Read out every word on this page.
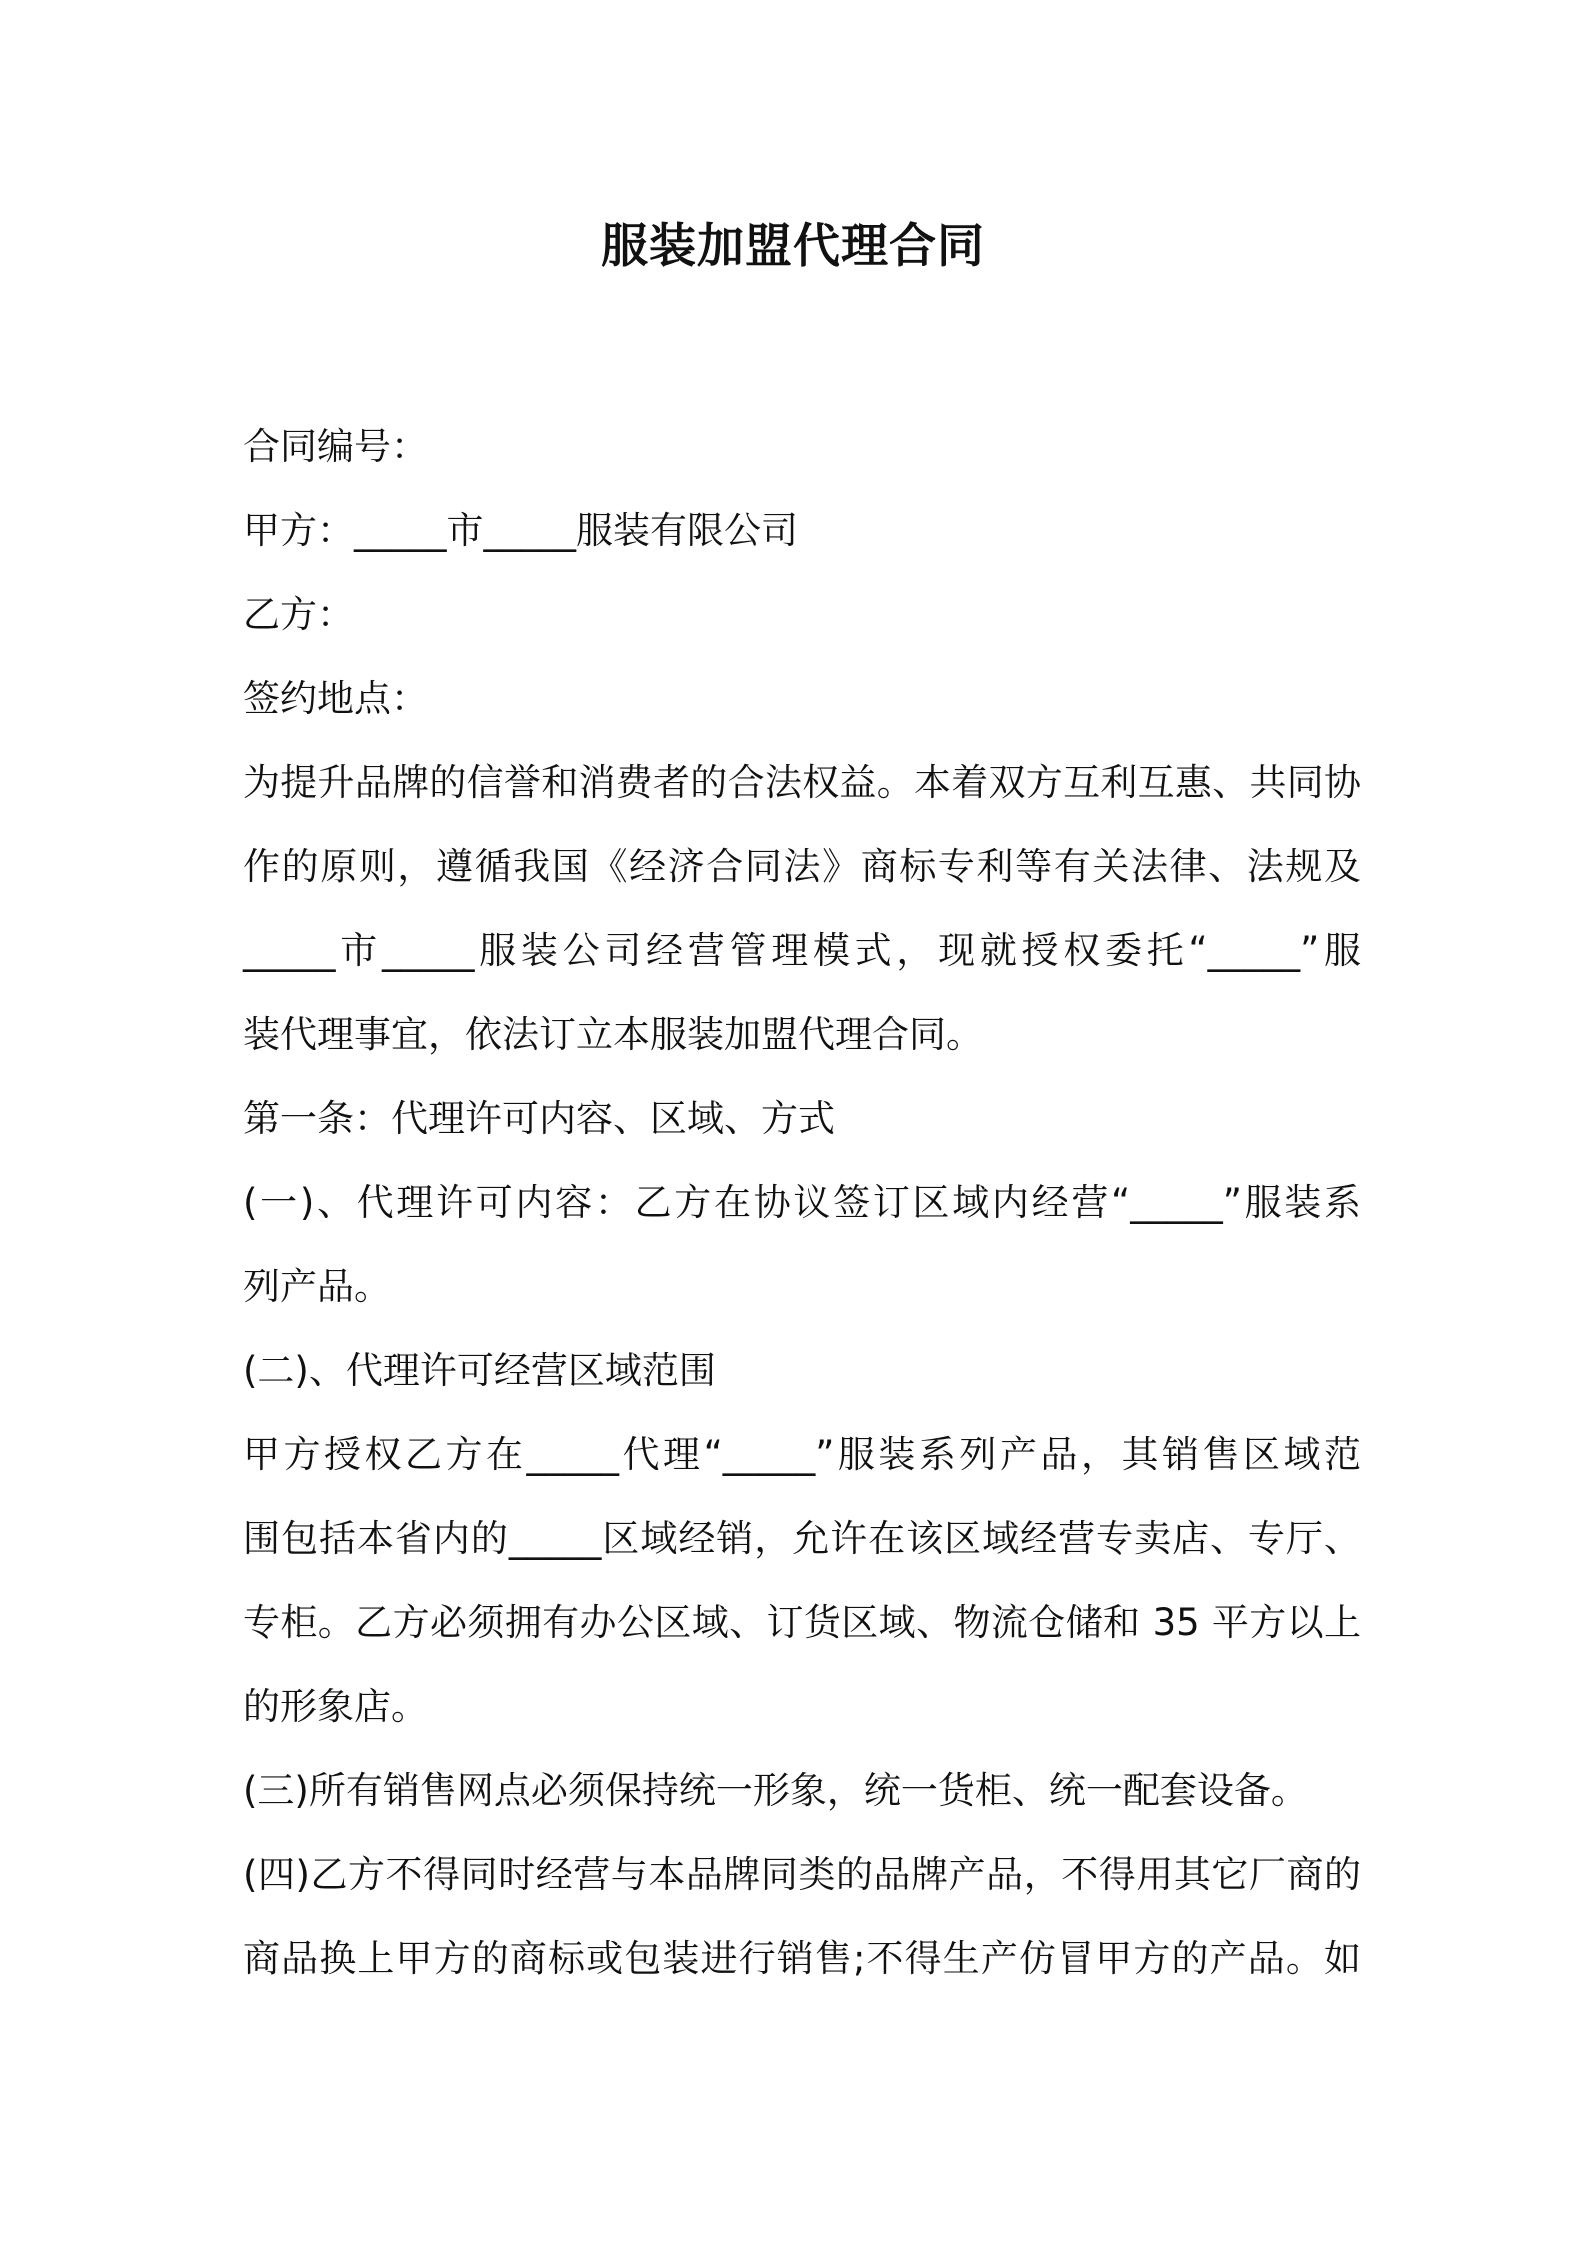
服装加盟代理合同

合同编号：

甲方：_____市_____服装有限公司

乙方：

签约地点：

为提升品牌的信誉和消费者的合法权益。本着双方互利互惠、共同协

作的原则，遵循我国《经济合同法》商标专利等有关法律、法规及

_____市_____服装公司经营管理模式，现就授权委托“_____”服

装代理事宜，依法订立本服装加盟代理合同。

第一条：代理许可内容、区域、方式

(一)、代理许可内容：乙方在协议签订区域内经营“_____”服装系

列产品。

(二)、代理许可经营区域范围

甲方授权乙方在_____代理“_____”服装系列产品，其销售区域范

围包括本省内的_____区域经销，允许在该区域经营专卖店、专厅、

专柜。乙方必须拥有办公区域、订货区域、物流仓储和 35 平方以上

的形象店。

(三)所有销售网点必须保持统一形象，统一货柜、统一配套设备。

(四)乙方不得同时经营与本品牌同类的品牌产品，不得用其它厂商的

商品换上甲方的商标或包装进行销售;不得生产仿冒甲方的产品。如
